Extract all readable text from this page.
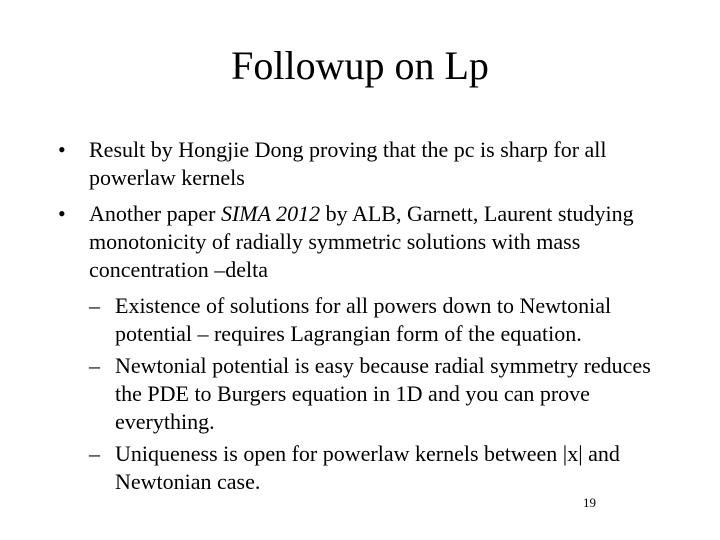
Followup on Lp
• Result by Hongjie Dong proving that the pc is sharp for all powerlaw kernels
• Another paper SIMA 2012 by ALB, Garnett, Laurent studying monotonicity of radially symmetric solutions with mass concentration –delta
– Existence of solutions for all powers down to Newtonial potential – requires Lagrangian form of the equation.
– Newtonial potential is easy because radial symmetry reduces the PDE to Burgers equation in 1D and you can prove everything.
– Uniqueness is open for powerlaw kernels between |x| and Newtonian case.
19
